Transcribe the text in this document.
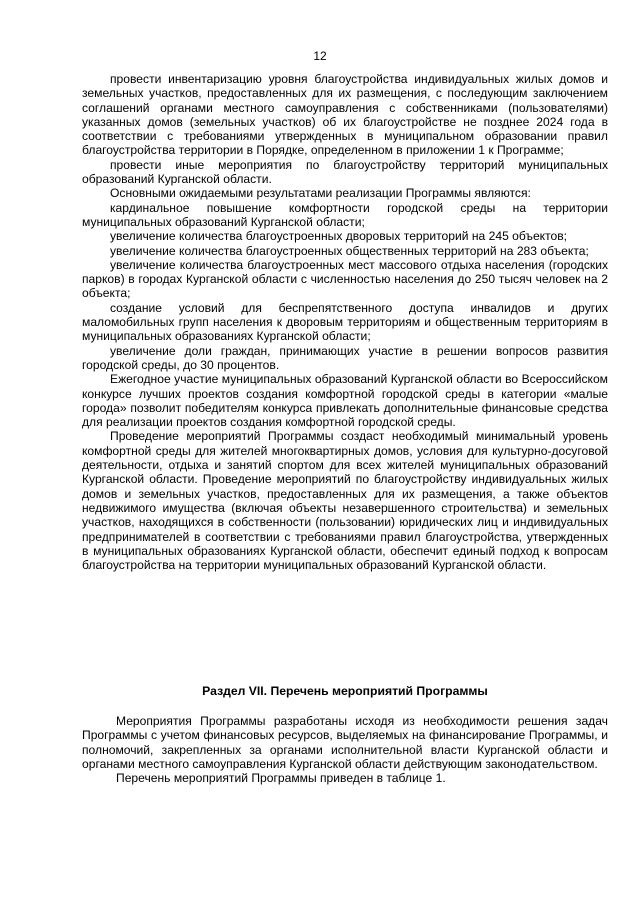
12

провести инвентаризацию уровня благоустройства индивидуальных жилых домов и земельных участков, предоставленных для их размещения, с последующим заключением соглашений органами местного самоуправления с собственниками (пользователями) указанных домов (земельных участков) об их благоустройстве не позднее 2024 года в соответствии с требованиями утвержденных в муниципальном образовании правил благоустройства территории в Порядке, определенном в приложении 1 к Программе;

провести иные мероприятия по благоустройству территорий муниципальных образований Курганской области.

Основными ожидаемыми результатами реализации Программы являются:

кардинальное повышение комфортности городской среды на территории муниципальных образований Курганской области;

увеличение количества благоустроенных дворовых территорий на 245 объектов;

увеличение количества благоустроенных общественных территорий на 283 объекта;

увеличение количества благоустроенных мест массового отдыха населения (городских парков) в городах Курганской области с численностью населения до 250 тысяч человек на 2 объекта;

создание условий для беспрепятственного доступа инвалидов и других маломобильных групп населения к дворовым территориям и общественным территориям в муниципальных образованиях Курганской области;

увеличение доли граждан, принимающих участие в решении вопросов развития городской среды, до 30 процентов.

Ежегодное участие муниципальных образований Курганской области во Всероссийском конкурсе лучших проектов создания комфортной городской среды в категории «малые города» позволит победителям конкурса привлекать дополнительные финансовые средства для реализации проектов создания комфортной городской среды.

Проведение мероприятий Программы создаст необходимый минимальный уровень комфортной среды для жителей многоквартирных домов, условия для культурно-досуговой деятельности, отдыха и занятий спортом для всех жителей муниципальных образований Курганской области. Проведение мероприятий по благоустройству индивидуальных жилых домов и земельных участков, предоставленных для их размещения, а также объектов недвижимого имущества (включая объекты незавершенного строительства) и земельных участков, находящихся в собственности (пользовании) юридических лиц и индивидуальных предпринимателей в соответствии с требованиями правил благоустройства, утвержденных в муниципальных образованиях Курганской области, обеспечит единый подход к вопросам благоустройства на территории муниципальных образований Курганской области.

Раздел VII. Перечень мероприятий Программы

Мероприятия Программы разработаны исходя из необходимости решения задач Программы с учетом финансовых ресурсов, выделяемых на финансирование Программы, и полномочий, закрепленных за органами исполнительной власти Курганской области и органами местного самоуправления Курганской области действующим законодательством.

Перечень мероприятий Программы приведен в таблице 1.
